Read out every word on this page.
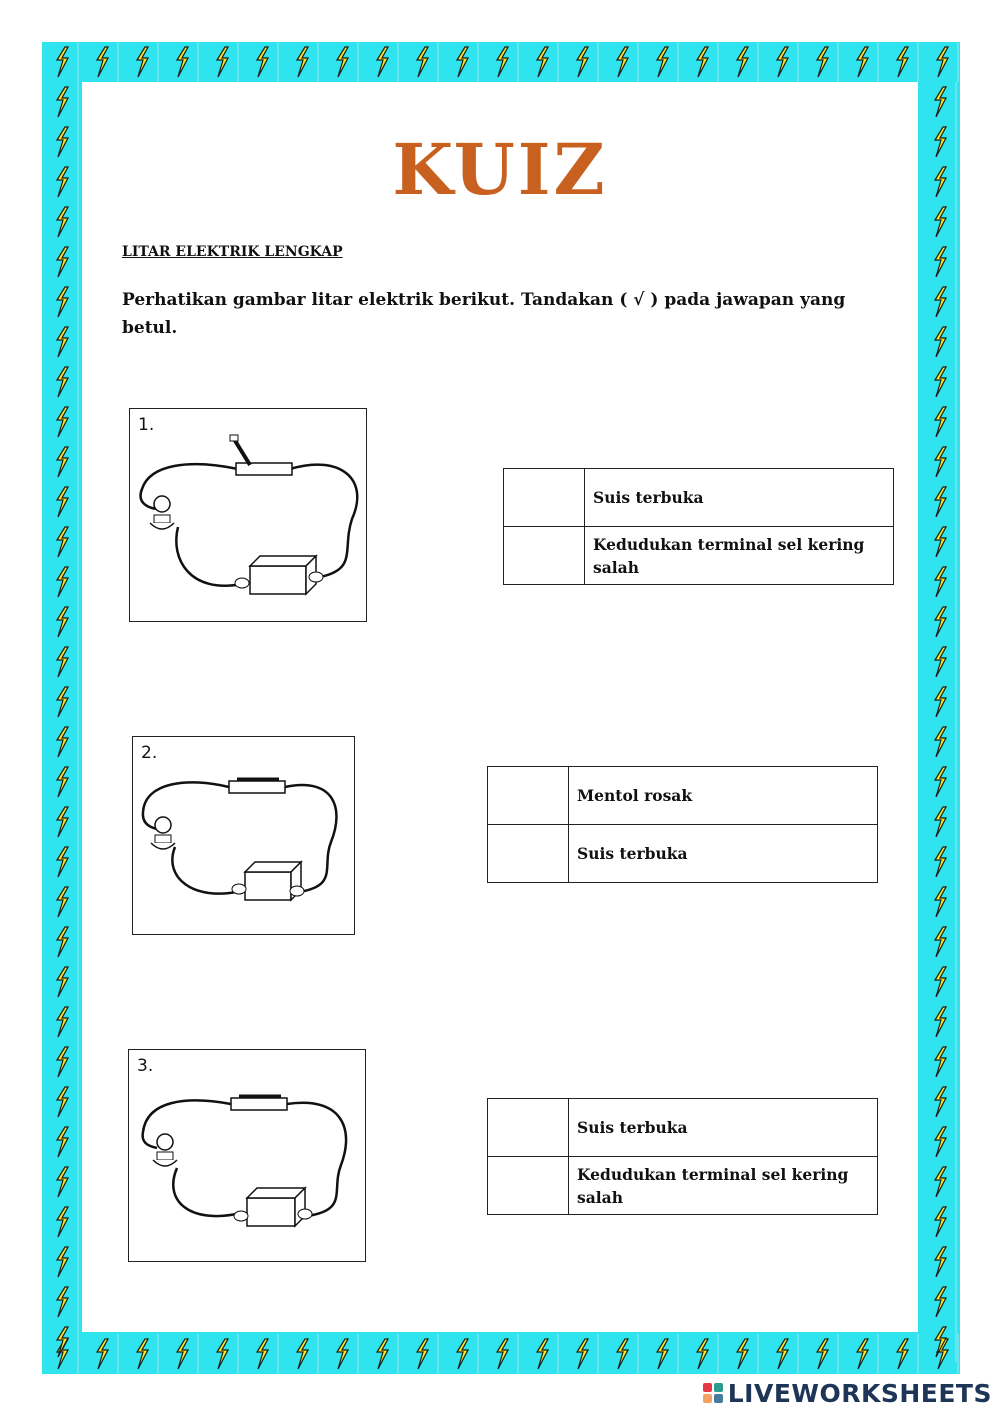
KUIZ
LITAR ELEKTRIK LENGKAP
Perhatikan gambar litar elektrik berikut. Tandakan ( √ ) pada jawapan yang betul.
1.
	Suis terbuka
	Kedudukan terminal sel kering salah
2.
	Mentol rosak
	Suis terbuka
3.
	Suis terbuka
	Kedudukan terminal sel kering salah
LIVEWORKSHEETS
